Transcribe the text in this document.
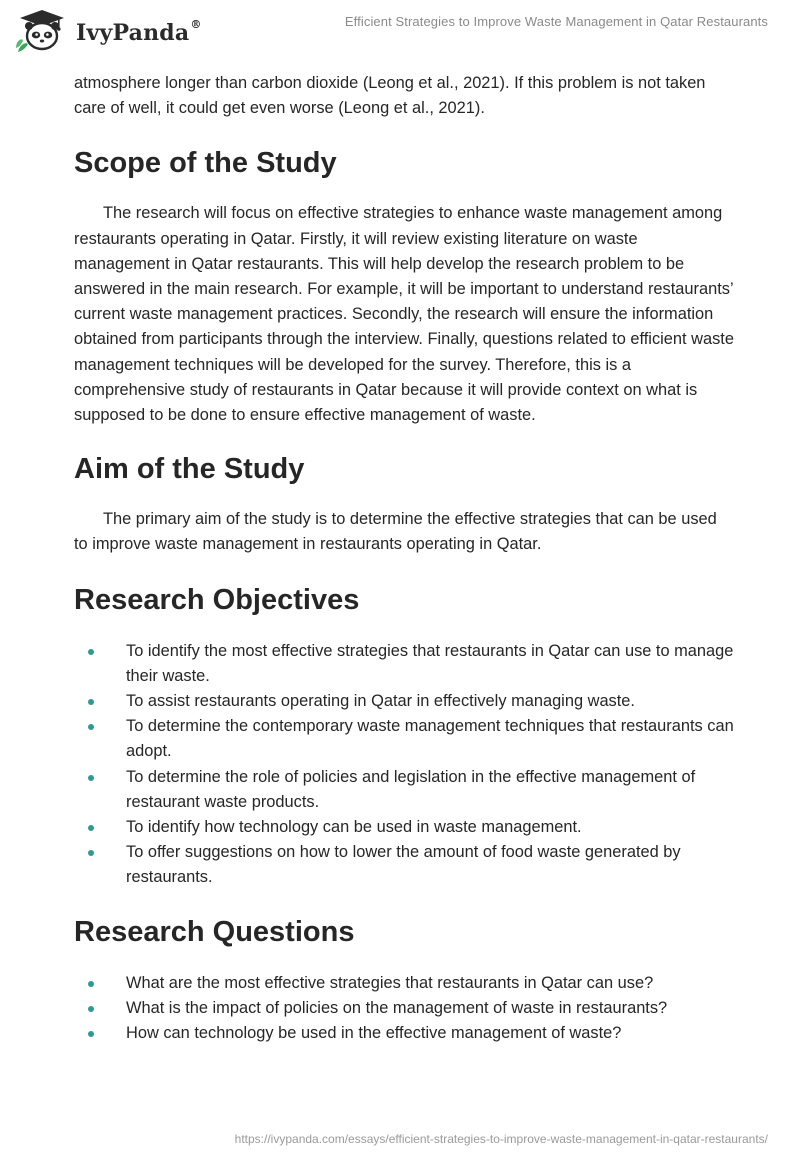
IvyPanda®	Efficient Strategies to Improve Waste Management in Qatar Restaurants

atmosphere longer than carbon dioxide (Leong et al., 2021). If this problem is not taken care of well, it could get even worse (Leong et al., 2021).

Scope of the Study

The research will focus on effective strategies to enhance waste management among restaurants operating in Qatar. Firstly, it will review existing literature on waste management in Qatar restaurants. This will help develop the research problem to be answered in the main research. For example, it will be important to understand restaurants’ current waste management practices. Secondly, the research will ensure the information obtained from participants through the interview. Finally, questions related to efficient waste management techniques will be developed for the survey. Therefore, this is a comprehensive study of restaurants in Qatar because it will provide context on what is supposed to be done to ensure effective management of waste.

Aim of the Study

The primary aim of the study is to determine the effective strategies that can be used to improve waste management in restaurants operating in Qatar.

Research Objectives
To identify the most effective strategies that restaurants in Qatar can use to manage their waste.
To assist restaurants operating in Qatar in effectively managing waste.
To determine the contemporary waste management techniques that restaurants can adopt.
To determine the role of policies and legislation in the effective management of restaurant waste products.
To identify how technology can be used in waste management.
To offer suggestions on how to lower the amount of food waste generated by restaurants.
Research Questions
What are the most effective strategies that restaurants in Qatar can use?
What is the impact of policies on the management of waste in restaurants?
How can technology be used in the effective management of waste?
https://ivypanda.com/essays/efficient-strategies-to-improve-waste-management-in-qatar-restaurants/
